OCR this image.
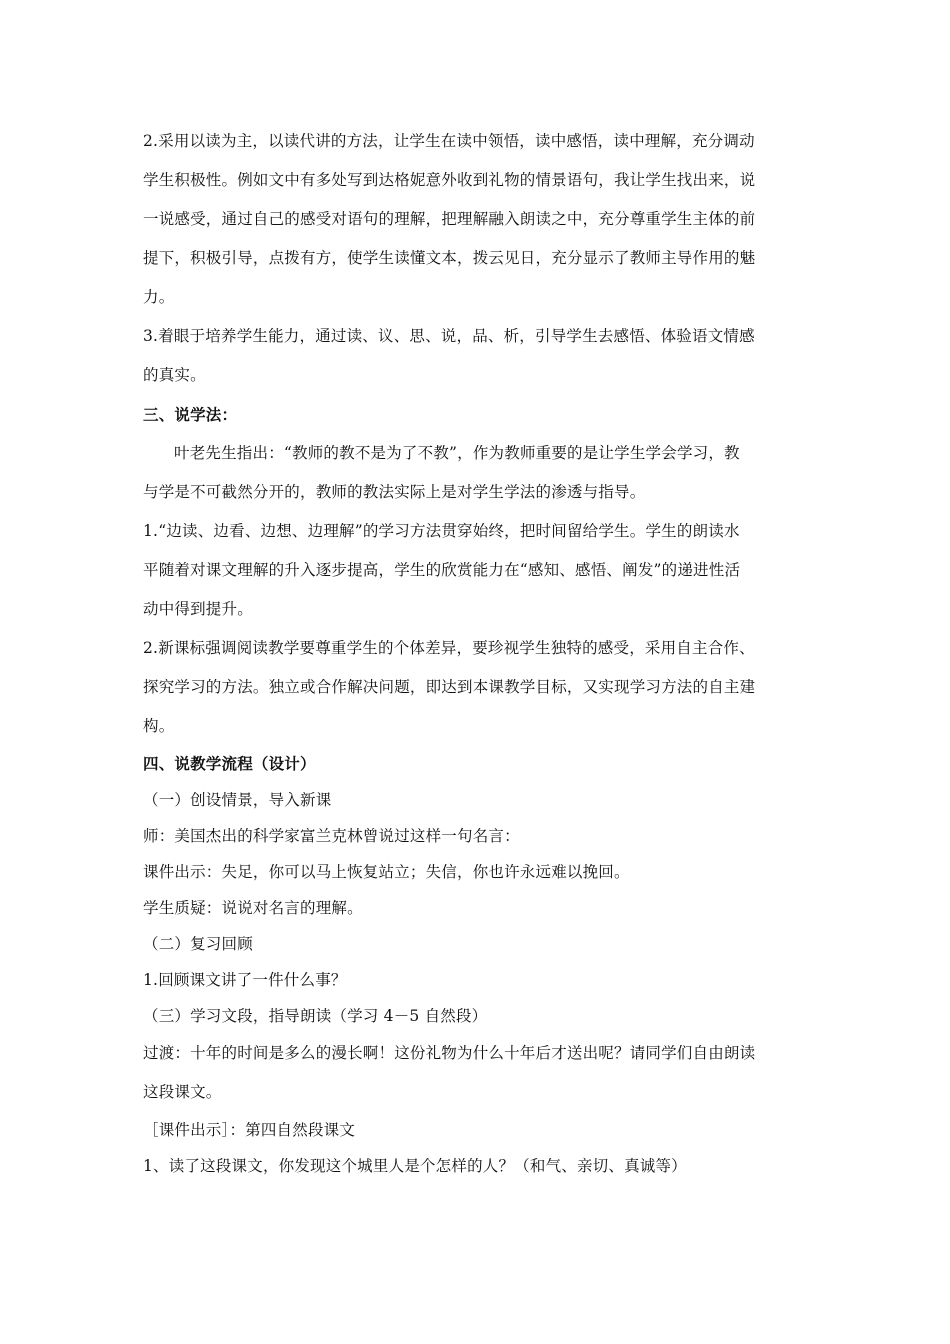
2.采用以读为主，以读代讲的方法，让学生在读中领悟，读中感悟，读中理解，充分调动

学生积极性。例如文中有多处写到达格妮意外收到礼物的情景语句，我让学生找出来，说

一说感受，通过自己的感受对语句的理解，把理解融入朗读之中，充分尊重学生主体的前

提下，积极引导，点拨有方，使学生读懂文本，拨云见日，充分显示了教师主导作用的魅

力。

3.着眼于培养学生能力，通过读、议、思、说，品、析，引导学生去感悟、体验语文情感

的真实。

三、说学法：

叶老先生指出：“教师的教不是为了不教”，作为教师重要的是让学生学会学习，教

与学是不可截然分开的，教师的教法实际上是对学生学法的渗透与指导。

1.“边读、边看、边想、边理解”的学习方法贯穿始终，把时间留给学生。学生的朗读水

平随着对课文理解的升入逐步提高，学生的欣赏能力在“感知、感悟、阐发”的递进性活

动中得到提升。

2.新课标强调阅读教学要尊重学生的个体差异，要珍视学生独特的感受，采用自主合作、

探究学习的方法。独立或合作解决问题，即达到本课教学目标，又实现学习方法的自主建

构。

四、说教学流程（设计）

（一）创设情景，导入新课

师：美国杰出的科学家富兰克林曾说过这样一句名言：

课件出示：失足，你可以马上恢复站立；失信，你也许永远难以挽回。

学生质疑：说说对名言的理解。

（二）复习回顾

1.回顾课文讲了一件什么事？

（三）学习文段，指导朗读（学习 4－5 自然段）

过渡：十年的时间是多么的漫长啊！这份礼物为什么十年后才送出呢？请同学们自由朗读

这段课文。

［课件出示］：第四自然段课文

1、读了这段课文，你发现这个城里人是个怎样的人？（和气、亲切、真诚等）
